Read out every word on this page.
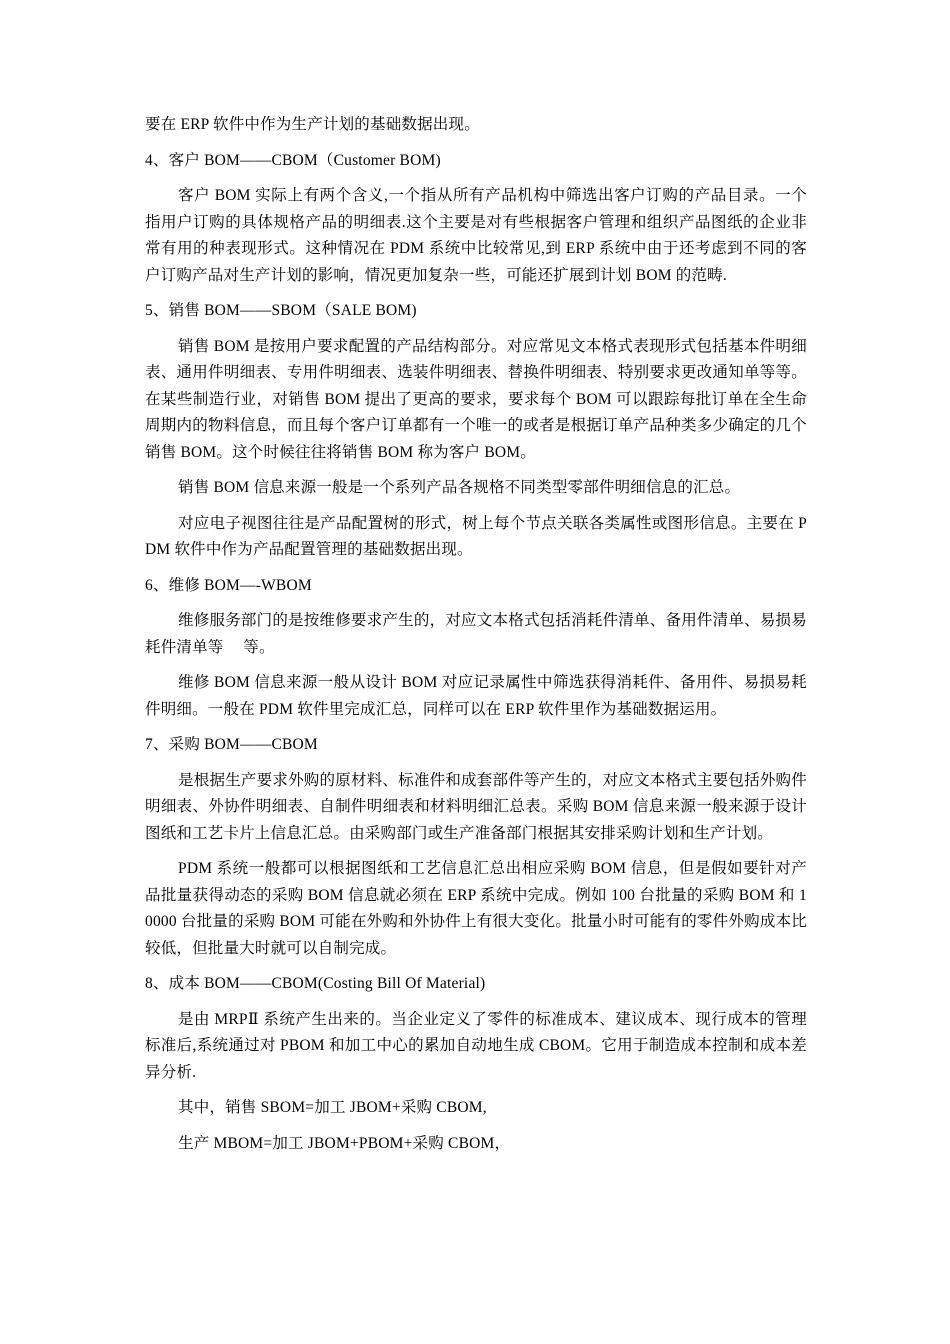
要在 ERP 软件中作为生产计划的基础数据出现。

4、客户 BOM——CBOM（Customer BOM)

客户 BOM 实际上有两个含义,一个指从所有产品机构中筛选出客户订购的产品目录。一个指用户订购的具体规格产品的明细表.这个主要是对有些根据客户管理和组织产品图纸的企业非常有用的种表现形式。这种情况在 PDM 系统中比较常见,到 ERP 系统中由于还考虑到不同的客户订购产品对生产计划的影响，情况更加复杂一些，可能还扩展到计划 BOM 的范畴.

5、销售 BOM——SBOM（SALE BOM)

销售 BOM 是按用户要求配置的产品结构部分。对应常见文本格式表现形式包括基本件明细表、通用件明细表、专用件明细表、选装件明细表、替换件明细表、特别要求更改通知单等等。在某些制造行业，对销售 BOM 提出了更高的要求，要求每个 BOM 可以跟踪每批订单在全生命周期内的物料信息，而且每个客户订单都有一个唯一的或者是根据订单产品种类多少确定的几个销售 BOM。这个时候往往将销售 BOM 称为客户 BOM。

销售 BOM 信息来源一般是一个系列产品各规格不同类型零部件明细信息的汇总。

对应电子视图往往是产品配置树的形式，树上每个节点关联各类属性或图形信息。主要在 PDM 软件中作为产品配置管理的基础数据出现。

6、维修 BOM—-WBOM

维修服务部门的是按维修要求产生的，对应文本格式包括消耗件清单、备用件清单、易损易耗件清单等　 等。

维修 BOM 信息来源一般从设计 BOM 对应记录属性中筛选获得消耗件、备用件、易损易耗件明细。一般在 PDM 软件里完成汇总，同样可以在 ERP 软件里作为基础数据运用。

7、采购 BOM——CBOM

是根据生产要求外购的原材料、标准件和成套部件等产生的，对应文本格式主要包括外购件明细表、外协件明细表、自制件明细表和材料明细汇总表。采购 BOM 信息来源一般来源于设计图纸和工艺卡片上信息汇总。由采购部门或生产准备部门根据其安排采购计划和生产计划。

PDM 系统一般都可以根据图纸和工艺信息汇总出相应采购 BOM 信息，但是假如要针对产品批量获得动态的采购 BOM 信息就必须在 ERP 系统中完成。例如 100 台批量的采购 BOM 和 10000 台批量的采购 BOM 可能在外购和外协件上有很大变化。批量小时可能有的零件外购成本比较低，但批量大时就可以自制完成。

8、成本 BOM——CBOM(Costing Bill Of Material)

是由 MRPⅡ 系统产生出来的。当企业定义了零件的标准成本、建议成本、现行成本的管理标准后,系统通过对 PBOM 和加工中心的累加自动地生成 CBOM。它用于制造成本控制和成本差异分析.

其中，销售 SBOM=加工 JBOM+采购 CBOM,

生产 MBOM=加工 JBOM+PBOM+采购 CBOM，
